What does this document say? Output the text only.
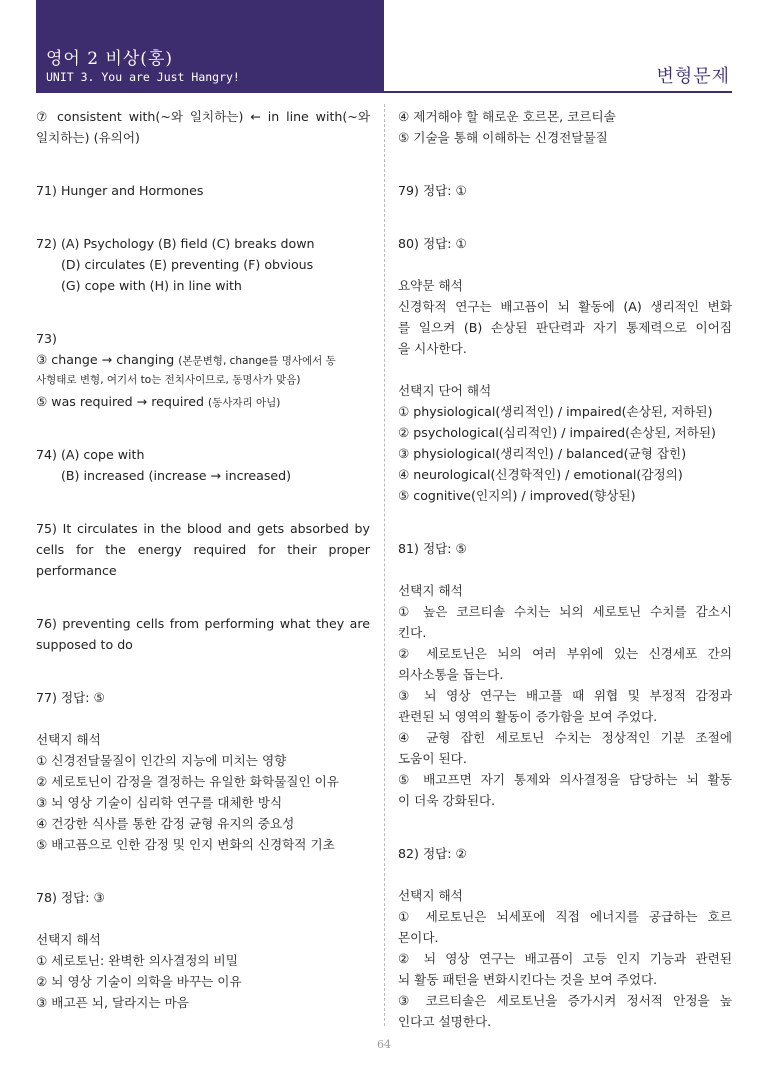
영어 2 비상(홍)
UNIT 3. You are Just Hangry!	변형문제
⑦ consistent with(~와 일치하는) ← in line with(~와
일치하는) (유의어)
71) Hunger and Hormones
72) (A) Psychology (B) field (C) breaks down
(D) circulates (E) preventing (F) obvious
(G) cope with (H) in line with
73)
③ change → changing (본문변형, change를 명사에서 동
사형태로 변형, 여기서 to는 전치사이므로, 동명사가 맞음)
⑤ was required → required (동사자리 아님)
74) (A) cope with
(B) increased (increase → increased)
75) It circulates in the blood and gets absorbed by
cells for the energy required for their proper
performance
76) preventing cells from performing what they are
supposed to do
77) 정답: ⑤
선택지 해석
① 신경전달물질이 인간의 지능에 미치는 영향
② 세로토닌이 감정을 결정하는 유일한 화학물질인 이유
③ 뇌 영상 기술이 심리학 연구를 대체한 방식
④ 건강한 식사를 통한 감정 균형 유지의 중요성
⑤ 배고픔으로 인한 감정 및 인지 변화의 신경학적 기초
78) 정답: ③
선택지 해석
① 세로토닌: 완벽한 의사결정의 비밀
② 뇌 영상 기술이 의학을 바꾸는 이유
③ 배고픈 뇌, 달라지는 마음
④ 제거해야 할 해로운 호르몬, 코르티솔
⑤ 기술을 통해 이해하는 신경전달물질
79) 정답: ①
80) 정답: ①
요약문 해석
신경학적 연구는 배고픔이 뇌 활동에 (A) 생리적인 변화
를 일으켜 (B) 손상된 판단력과 자기 통제력으로 이어짐
을 시사한다.
선택지 단어 해석
① physiological(생리적인) / impaired(손상된, 저하된)
② psychological(심리적인) / impaired(손상된, 저하된)
③ physiological(생리적인) / balanced(균형 잡힌)
④ neurological(신경학적인) / emotional(감정의)
⑤ cognitive(인지의) / improved(향상된)
81) 정답: ⑤
선택지 해석
① 높은 코르티솔 수치는 뇌의 세로토닌 수치를 감소시
킨다.
② 세로토닌은 뇌의 여러 부위에 있는 신경세포 간의
의사소통을 돕는다.
③ 뇌 영상 연구는 배고플 때 위협 및 부정적 감정과
관련된 뇌 영역의 활동이 증가함을 보여 주었다.
④ 균형 잡힌 세로토닌 수치는 정상적인 기분 조절에
도움이 된다.
⑤ 배고프면 자기 통제와 의사결정을 담당하는 뇌 활동
이 더욱 강화된다.
82) 정답: ②
선택지 해석
① 세로토닌은 뇌세포에 직접 에너지를 공급하는 호르
몬이다.
② 뇌 영상 연구는 배고픔이 고등 인지 기능과 관련된
뇌 활동 패턴을 변화시킨다는 것을 보여 주었다.
③ 코르티솔은 세로토닌을 증가시켜 정서적 안정을 높
인다고 설명한다.
64
